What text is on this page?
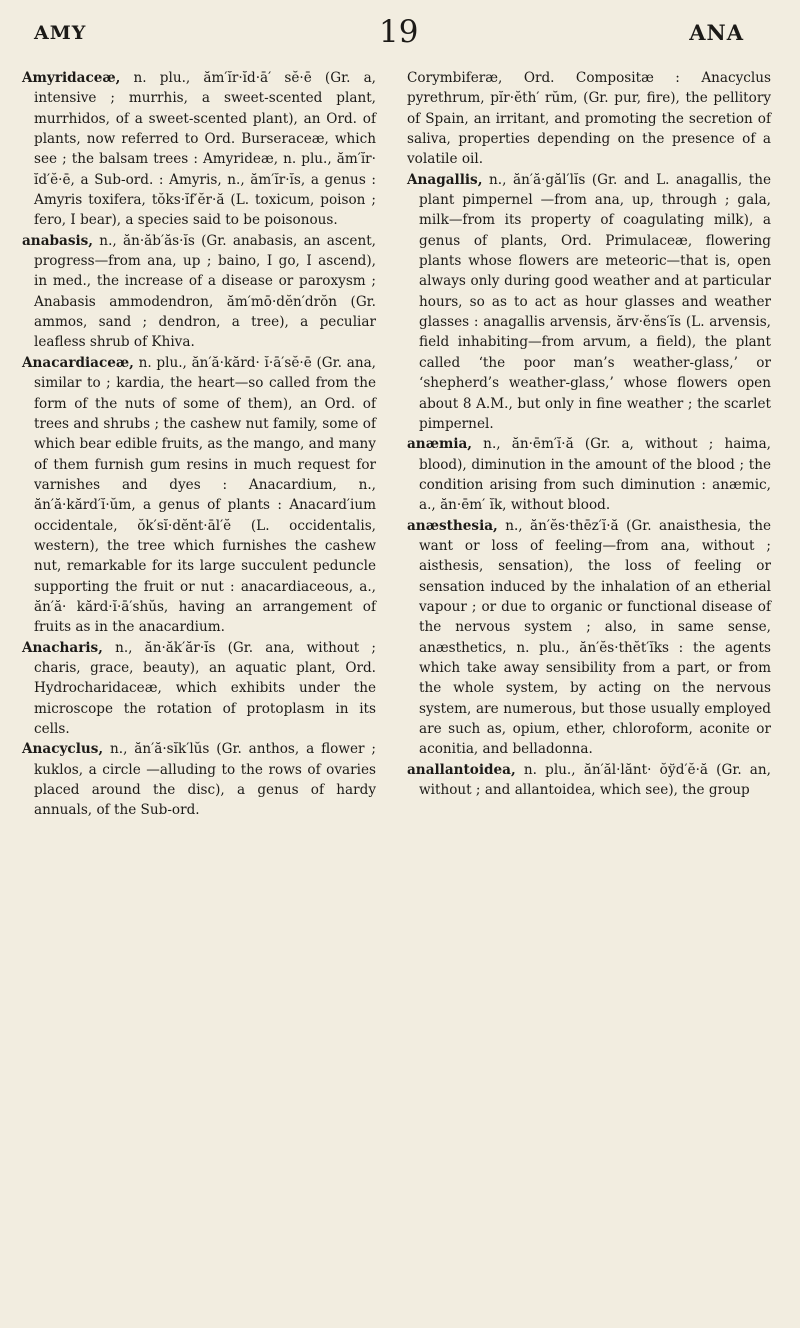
AMY	19	ANA

Amyridaceæ, n. plu., ăm′ĭr·ĭd·ā′ sĕ·ē (Gr. a, intensive ; murrhis, a sweet-scented plant, murrhidos, of a sweet-scented plant), an Ord. of plants, now referred to Ord. Burseraceæ, which see ; the balsam trees : Amyrideæ, n. plu., ăm′ĭr· ĭd′ĕ·ē, a Sub-ord. : Amyris, n., ăm′ĭr·ĭs, a genus : Amyris toxifera, tŏks·ĭf′ĕr·ă (L. toxicum, poison ; fero, I bear), a species said to be poisonous.

anabasis, n., ăn·ăb′ăs·ĭs (Gr. anabasis, an ascent, progress—from ana, up ; baino, I go, I ascend), in med., the increase of a disease or paroxysm ; Anabasis ammodendron, ăm′mō·dĕn′drŏn (Gr. ammos, sand ; dendron, a tree), a peculiar leafless shrub of Khiva.

Anacardiaceæ, n. plu., ăn′ă·kărd· ĭ·ā′sĕ·ē (Gr. ana, similar to ; kardia, the heart—so called from the form of the nuts of some of them), an Ord. of trees and shrubs ; the cashew nut family, some of which bear edible fruits, as the mango, and many of them furnish gum resins in much request for varnishes and dyes : Anacardium, n., ăn′ă·kărd′ĭ·ŭm, a genus of plants : Anacard′ium occidentale, ŏk′sĭ·dĕnt·āl′ĕ (L. occidentalis, western), the tree which furnishes the cashew nut, remarkable for its large succulent peduncle supporting the fruit or nut : anacardiaceous, a., ăn′ă· kărd·ĭ·ā′shŭs, having an arrangement of fruits as in the anacardium.

Anacharis, n., ăn·ăk′ăr·ĭs (Gr. ana, without ; charis, grace, beauty), an aquatic plant, Ord. Hydrocharidaceæ, which exhibits under the microscope the rotation of protoplasm in its cells.

Anacyclus, n., ăn′ă·sĭk′lŭs (Gr. anthos, a flower ; kuklos, a circle —alluding to the rows of ovaries placed around the disc), a genus of hardy annuals, of the Sub-ord.

Corymbiferæ, Ord. Compositæ : Anacyclus pyrethrum, pĭr·ĕth′ rŭm, (Gr. pur, fire), the pellitory of Spain, an irritant, and promoting the secretion of saliva, properties depending on the presence of a volatile oil.

Anagallis, n., ăn′ă·găl′lĭs (Gr. and L. anagallis, the plant pimpernel —from ana, up, through ; gala, milk—from its property of coagulating milk), a genus of plants, Ord. Primulaceæ, flowering plants whose flowers are meteoric—that is, open always only during good weather and at particular hours, so as to act as hour glasses and weather glasses : anagallis arvensis, ărv·ĕns′ĭs (L. arvensis, field inhabiting—from arvum, a field), the plant called ‘the poor man’s weather-glass,’ or ‘shepherd’s weather-glass,’ whose flowers open about 8 A.M., but only in fine weather ; the scarlet pimpernel.

anæmia, n., ăn·ēm′ĭ·ă (Gr. a, without ; haima, blood), diminution in the amount of the blood ; the condition arising from such diminution : anæmic, a., ăn·ēm′ ĭk, without blood.

anæsthesia, n., ăn′ĕs·thēz′ĭ·ă (Gr. anaisthesia, the want or loss of feeling—from ana, without ; aisthesis, sensation), the loss of feeling or sensation induced by the inhalation of an etherial vapour ; or due to organic or functional disease of the nervous system ; also, in same sense, anæsthetics, n. plu., ăn′ĕs·thĕt′ĭks : the agents which take away sensibility from a part, or from the whole system, by acting on the nervous system, are numerous, but those usually employed are such as, opium, ether, chloroform, aconite or aconitia, and belladonna.

anallantoidea, n. plu., ăn′ăl·lănt· ŏўd′ĕ·ă (Gr. an, without ; and allantoidea, which see), the group
